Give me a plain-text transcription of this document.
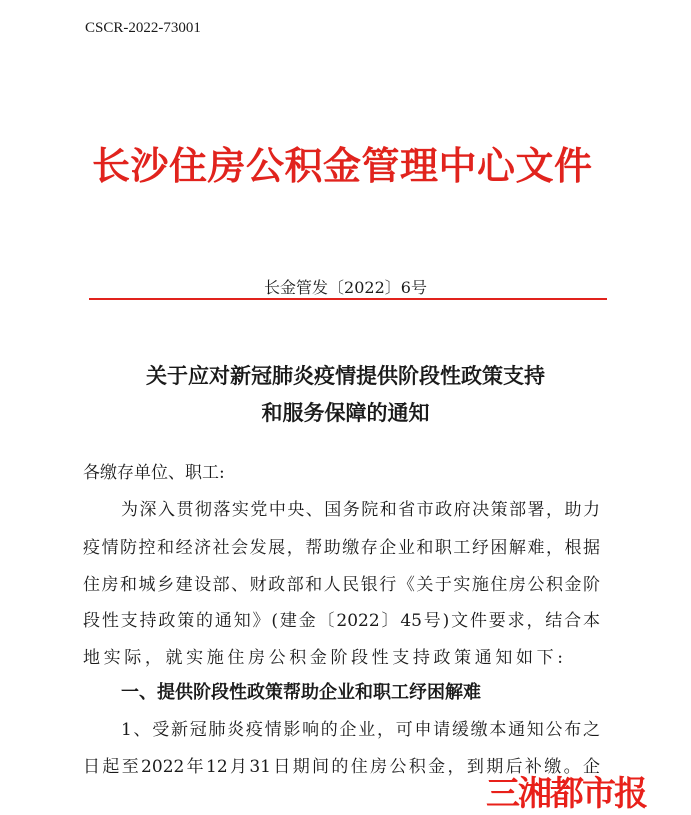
CSCR-2022-73001
长沙住房公积金管理中心文件
长金管发〔2022〕6号
关于应对新冠肺炎疫情提供阶段性政策支持
和服务保障的通知
各缴存单位、职工:
为深入贯彻落实党中央、国务院和省市政府决策部署，助力
疫情防控和经济社会发展，帮助缴存企业和职工纾困解难，根据
住房和城乡建设部、财政部和人民银行《关于实施住房公积金阶
段性支持政策的通知》(建金〔2022〕45号)文件要求，结合本
地实际，就实施住房公积金阶段性支持政策通知如下:
一、提供阶段性政策帮助企业和职工纾困解难
1、受新冠肺炎疫情影响的企业，可申请缓缴本通知公布之
日起至2022年12月31日期间的住房公积金，到期后补缴。企
三湘都市报
